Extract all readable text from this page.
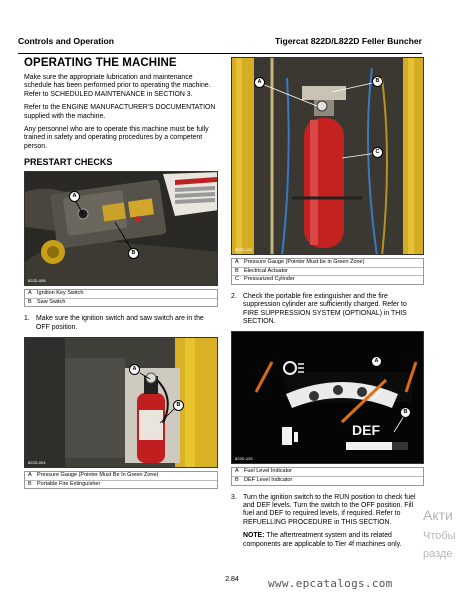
Controls and Operation	Tigercat 822D/L822D Feller Buncher
OPERATING THE MACHINE

Make sure the appropriate lubrication and maintenance schedule has been performed prior to operating the machine. Refer to SCHEDULED MAINTENANCE in SECTION 3.

Refer to the ENGINE MANUFACTURER'S DOCUMENTATION supplied with the machine.

Any personnel who are to operate this machine must be fully trained in safety and operating procedures by a competent person.

PRESTART CHECKS
A
B
822D-006
A Ignition Key Switch
B Saw Switch
1. Make sure the ignition switch and saw switch are in the OFF position.
A
B
822D-004
A Pressure Gauge (Pointer Must Be In Green Zone)
B Portable Fire Extinguisher
A	B
C
822D-119
A Pressure Gauge (Pointer Must be in Green Zone)
B Electrical Actuator
C Pressurized Cylinder
2. Check the portable fire extinguisher and the fire suppression cylinder are sufficiently charged. Refer to FIRE SUPPRESSION SYSTEM (OPTIONAL) in THIS SECTION.
DEF
A
B
822D-125
A Fuel Level Indicator
B DEF Level Indicator
3. Turn the ignition switch to the RUN position to check fuel and DEF levels. Turn the switch to the OFF position. Fill fuel and DEF to required levels, if required. Refer to REFUELLING PROCEDURE in THIS SECTION.

NOTE: The aftertreatment system and its related components are applicable to Tier 4f machines only.

2.84	www.epcatalogs.com
Акти
Чтобы
разде
